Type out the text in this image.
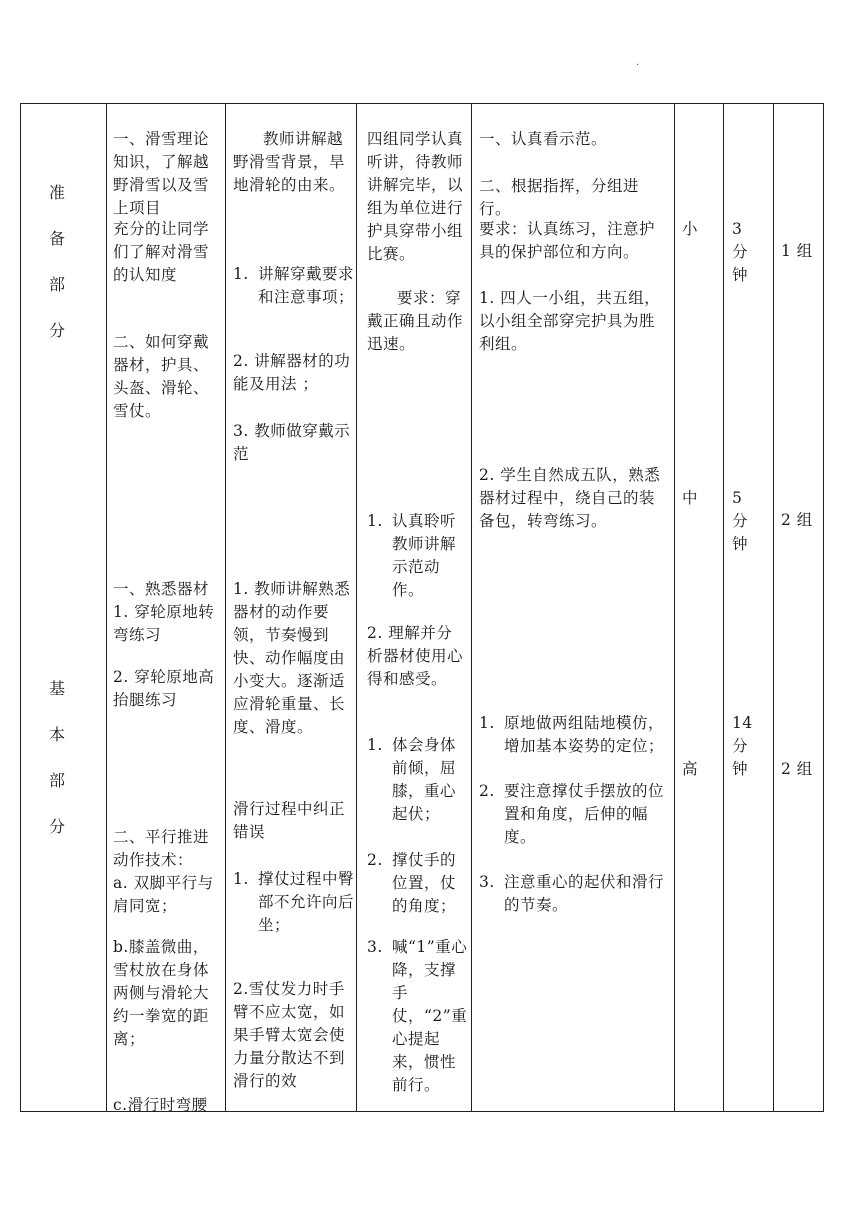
·
准
备
部
分
基
本
部
分
一、滑雪理论知识，了解越野滑雪以及雪上项目
充分的让同学们了解对滑雪的认知度
二、如何穿戴器材，护具、头盔、滑轮、雪仗。
一、熟悉器材
1. 穿轮原地转弯练习
2. 穿轮原地高抬腿练习
二、平行推进动作技术：
a. 双脚平行与肩同宽；
b.膝盖微曲，雪杖放在身体两侧与滑轮大约一拳宽的距离；
c.滑行时弯腰
教师讲解越野滑雪背景，旱地滑轮的由来。
1. 讲解穿戴要求和注意事项；
2. 讲解器材的功能及用法 ；
3. 教师做穿戴示范
1. 教师讲解熟悉器材的动作要领，节奏慢到快、动作幅度由小变大。逐渐适应滑轮重量、长度、滑度。
滑行过程中纠正错误
1. 撑仗过程中臀部不允许向后坐；
2.雪仗发力时手臂不应太宽，如果手臂太宽会使力量分散达不到滑行的效
四组同学认真听讲，待教师讲解完毕，以组为单位进行护具穿带小组比赛。
要求：穿戴正确且动作迅速。
1. 认真聆听教师讲解示范动作。
2. 理解并分析器材使用心得和感受。
1. 体会身体前倾，屈膝，重心起伏；
2. 撑仗手的位置，仗的角度；
3. 喊“1”重心降，支撑手仗，“2”重心提起来，惯性前行。
一、认真看示范。
二、根据指挥，分组进行。
要求：认真练习，注意护具的保护部位和方向。
1. 四人一小组，共五组，以小组全部穿完护具为胜利组。
2. 学生自然成五队，熟悉器材过程中，绕自己的装备包，转弯练习。
1. 原地做两组陆地模仿，增加基本姿势的定位；
2. 要注意撑仗手摆放的位置和角度，后伸的幅度。
3. 注意重心的起伏和滑行的节奏。
小
中
高
3
分
钟
5
分
钟
14
分
钟
1 组
2 组
2 组
